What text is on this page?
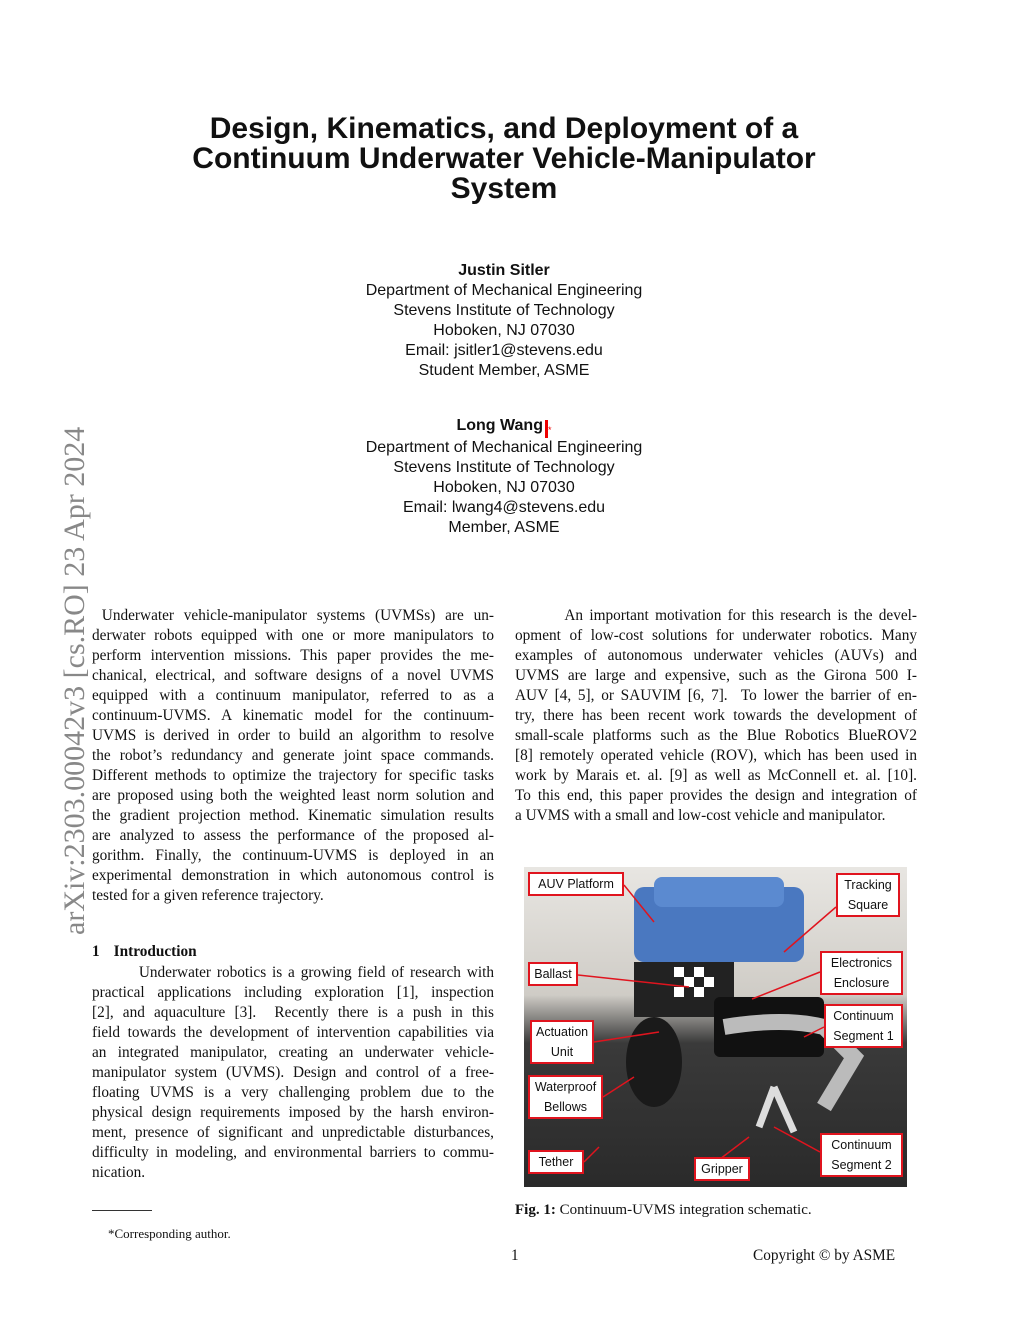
arXiv:2303.00042v3 [cs.RO] 23 Apr 2024
Design, Kinematics, and Deployment of a
Continuum Underwater Vehicle-Manipulator
System
Justin Sitler
Department of Mechanical Engineering
Stevens Institute of Technology
Hoboken, NJ 07030
Email: jsitler1@stevens.edu
Student Member, ASME
Long Wang *
Department of Mechanical Engineering
Stevens Institute of Technology
Hoboken, NJ 07030
Email: lwang4@stevens.edu
Member, ASME
Underwater vehicle-manipulator systems (UVMSs) are un-
derwater robots equipped with one or more manipulators to
perform intervention missions. This paper provides the me-
chanical, electrical, and software designs of a novel UVMS
equipped with a continuum manipulator, referred to as a
continuum-UVMS. A kinematic model for the continuum-
UVMS is derived in order to build an algorithm to resolve
the robot’s redundancy and generate joint space commands.
Different methods to optimize the trajectory for specific tasks
are proposed using both the weighted least norm solution and
the gradient projection method. Kinematic simulation results
are analyzed to assess the performance of the proposed al-
gorithm. Finally, the continuum-UVMS is deployed in an
experimental demonstration in which autonomous control is
tested for a given reference trajectory.
1 Introduction
Underwater robotics is a growing field of research with
practical applications including exploration [1], inspection
[2], and aquaculture [3].  Recently there is a push in this
field towards the development of intervention capabilities via
an integrated manipulator, creating an underwater vehicle-
manipulator system (UVMS). Design and control of a free-
floating UVMS is a very challenging problem due to the
physical design requirements imposed by the harsh environ-
ment, presence of significant and unpredictable disturbances,
difficulty in modeling, and environmental barriers to commu-
nication.
An important motivation for this research is the devel-
opment of low-cost solutions for underwater robotics. Many
examples of autonomous underwater vehicles (AUVs) and
UVMS are large and expensive, such as the Girona 500 I-
AUV [4, 5], or SAUVIM [6, 7].  To lower the barrier of en-
try, there has been recent work towards the development of
small-scale platforms such as the Blue Robotics BlueROV2
[8] remotely operated vehicle (ROV), which has been used in
work by Marais et. al. [9] as well as McConnell et. al. [10].
To this end, this paper provides the design and integration of
a UVMS with a small and low-cost vehicle and manipulator.
AUV Platform	Tracking Square
Ballast
Electronics Enclosure
Continuum Segment 1
Actuation Unit
Waterproof Bellows
Continuum Segment 2
Tether	Gripper
Fig. 1: Continuum-UVMS integration schematic.
*Corresponding author.
1	Copyright © by ASME
